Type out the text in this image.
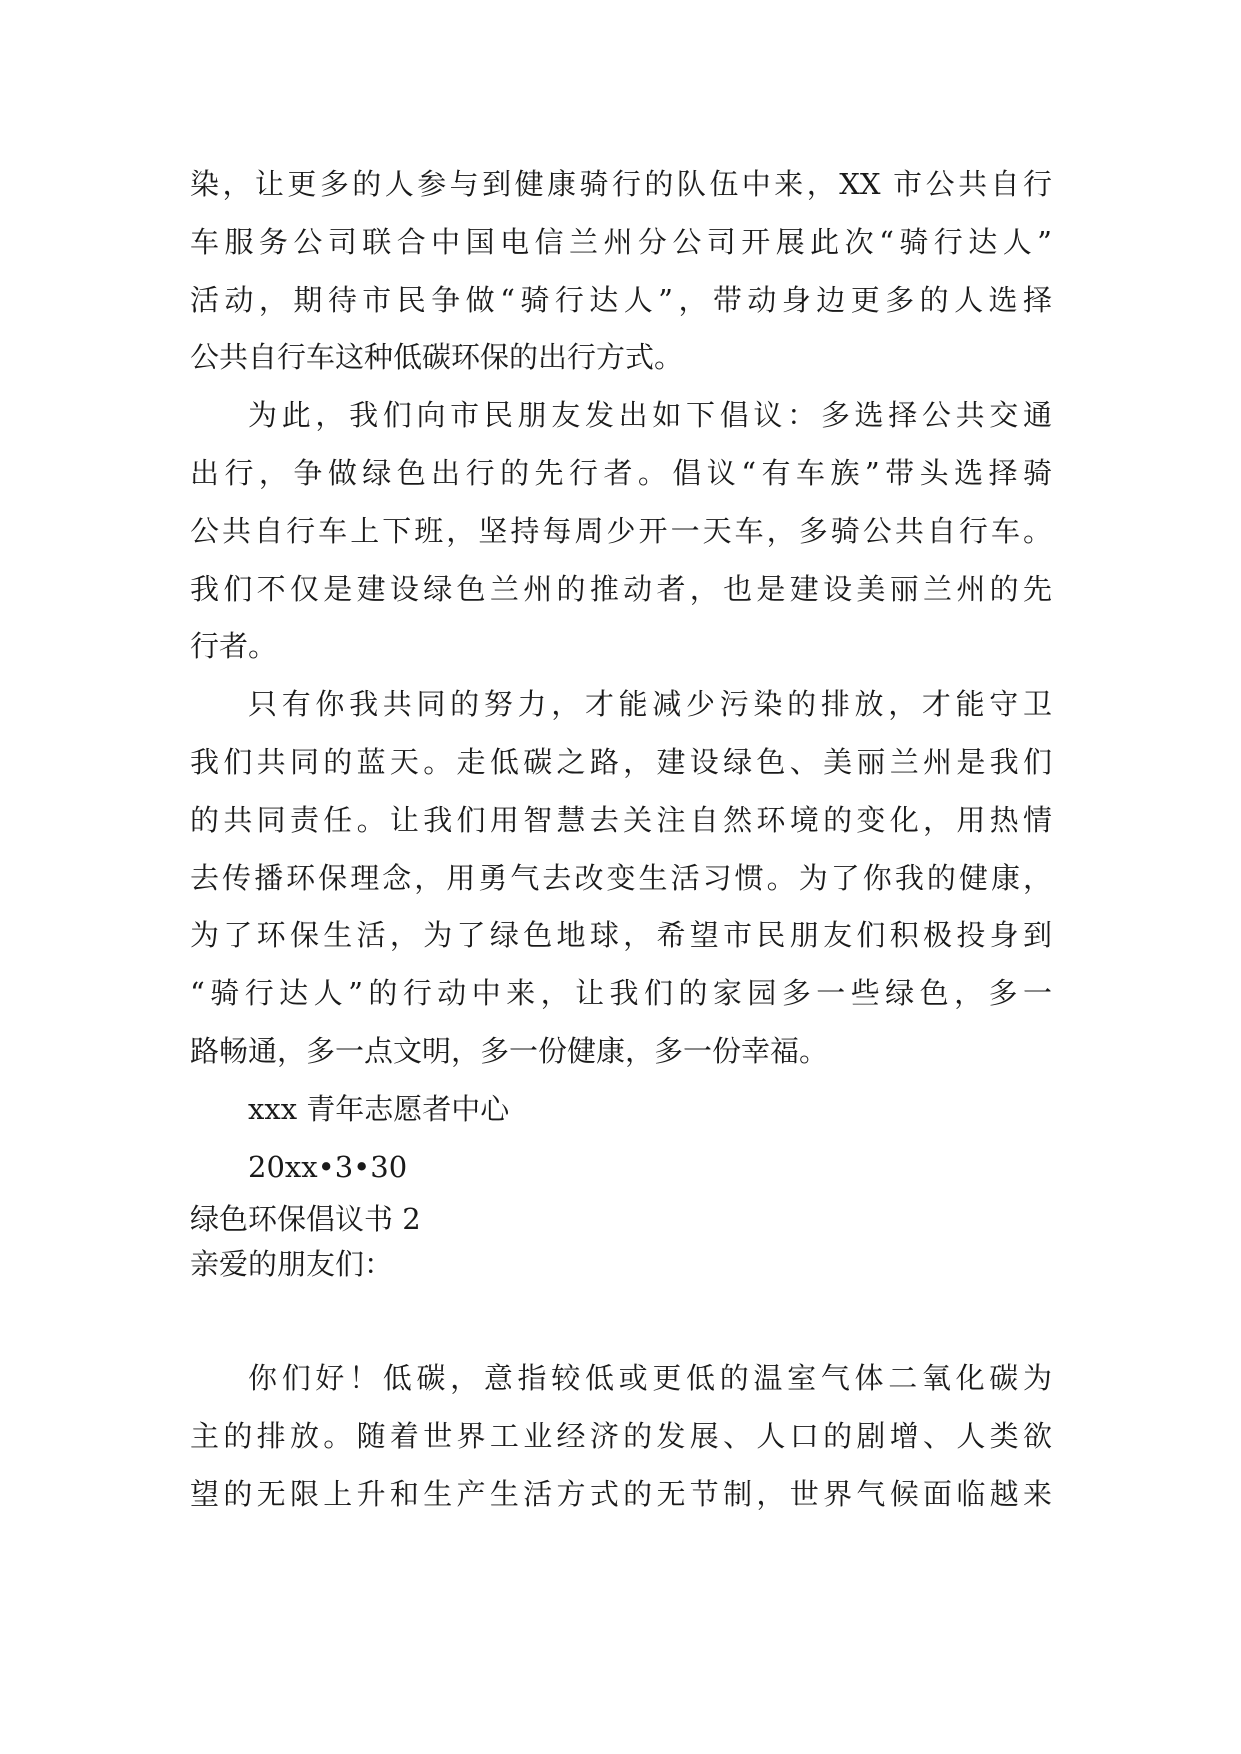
染，让更多的人参与到健康骑行的队伍中来，XX 市公共自行
车服务公司联合中国电信兰州分公司开展此次“骑行达人”
活动，期待市民争做“骑行达人”，带动身边更多的人选择
公共自行车这种低碳环保的出行方式。
为此，我们向市民朋友发出如下倡议：多选择公共交通
出行，争做绿色出行的先行者。倡议“有车族”带头选择骑
公共自行车上下班，坚持每周少开一天车，多骑公共自行车。
我们不仅是建设绿色兰州的推动者，也是建设美丽兰州的先
行者。
只有你我共同的努力，才能减少污染的排放，才能守卫
我们共同的蓝天。走低碳之路，建设绿色、美丽兰州是我们
的共同责任。让我们用智慧去关注自然环境的变化，用热情
去传播环保理念，用勇气去改变生活习惯。为了你我的健康，
为了环保生活，为了绿色地球，希望市民朋友们积极投身到
“骑行达人”的行动中来，让我们的家园多一些绿色，多一
路畅通，多一点文明，多一份健康，多一份幸福。
xxx 青年志愿者中心
20xx•3•30
绿色环保倡议书 2
亲爱的朋友们：
你们好！低碳，意指较低或更低的温室气体二氧化碳为
主的排放。随着世界工业经济的发展、人口的剧增、人类欲
望的无限上升和生产生活方式的无节制，世界气候面临越来
